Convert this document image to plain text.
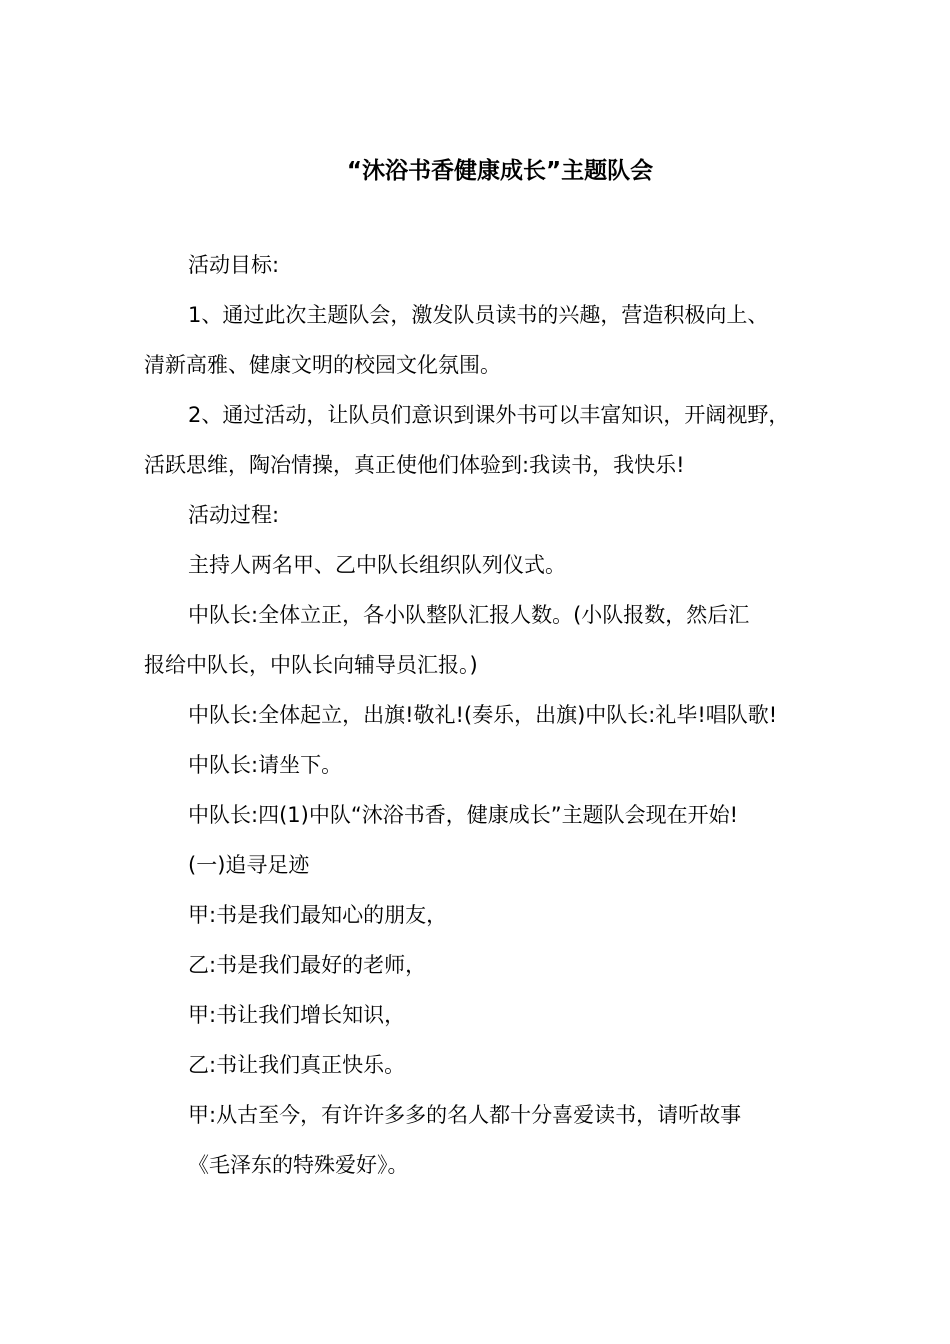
“沐浴书香健康成长”主题队会
活动目标:
1、通过此次主题队会，激发队员读书的兴趣，营造积极向上、
清新高雅、健康文明的校园文化氛围。
2、通过活动，让队员们意识到课外书可以丰富知识，开阔视野，
活跃思维，陶冶情操，真正使他们体验到:我读书，我快乐!
活动过程:
主持人两名甲、乙中队长组织队列仪式。
中队长:全体立正，各小队整队汇报人数。(小队报数，然后汇
报给中队长，中队长向辅导员汇报。)
中队长:全体起立，出旗!敬礼!(奏乐，出旗)中队长:礼毕!唱队歌!
中队长:请坐下。
中队长:四(1)中队“沐浴书香，健康成长”主题队会现在开始!
(一)追寻足迹
甲:书是我们最知心的朋友，
乙:书是我们最好的老师，
甲:书让我们增长知识，
乙:书让我们真正快乐。
甲:从古至今，有许许多多的名人都十分喜爱读书，请听故事
《毛泽东的特殊爱好》。
